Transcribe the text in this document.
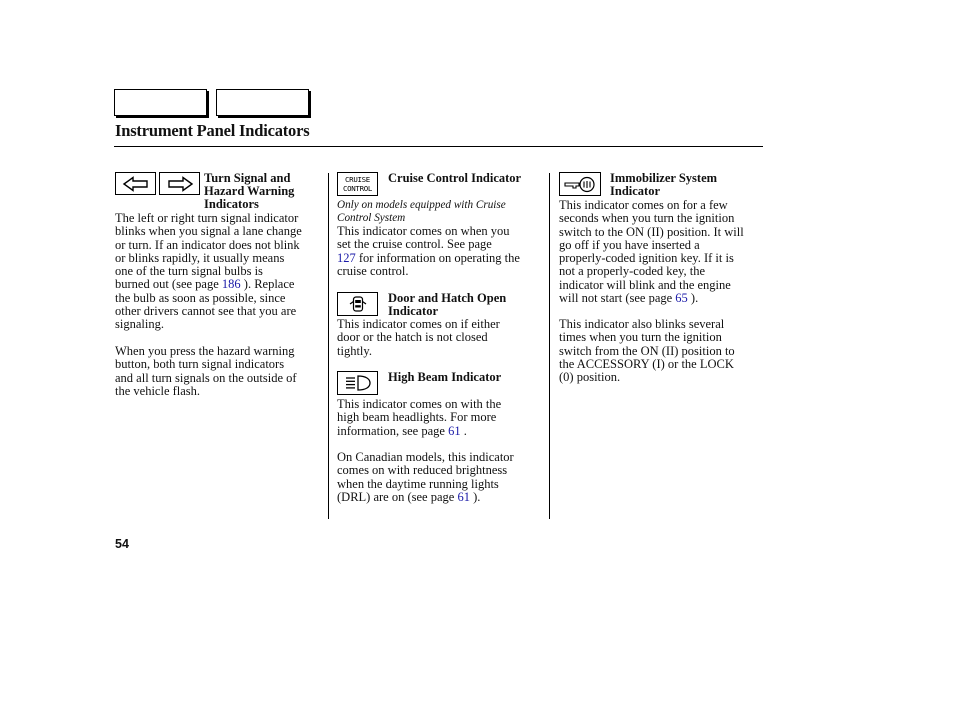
Instrument Panel Indicators
Turn Signal and
Hazard Warning
Indicators
The left or right turn signal indicator
blinks when you signal a lane change
or turn. If an indicator does not blink
or blinks rapidly, it usually means
one of the turn signal bulbs is
burned out (see page 186 ). Replace
the bulb as soon as possible, since
other drivers cannot see that you are
signaling.
When you press the hazard warning
button, both turn signal indicators
and all turn signals on the outside of
the vehicle flash.
CRUISE
CONTROL
Cruise Control Indicator
Only on models equipped with Cruise
Control System
This indicator comes on when you
set the cruise control. See page
127 for information on operating the
cruise control.
Door and Hatch Open
Indicator
This indicator comes on if either
door or the hatch is not closed
tightly.
High Beam Indicator
This indicator comes on with the
high beam headlights. For more
information, see page 61 .
On Canadian models, this indicator
comes on with reduced brightness
when the daytime running lights
(DRL) are on (see page 61 ).
Immobilizer System
Indicator
This indicator comes on for a few
seconds when you turn the ignition
switch to the ON (II) position. It will
go off if you have inserted a
properly-coded ignition key. If it is
not a properly-coded key, the
indicator will blink and the engine
will not start (see page 65 ).
This indicator also blinks several
times when you turn the ignition
switch from the ON (II) position to
the ACCESSORY (I) or the LOCK
(0) position.
54
